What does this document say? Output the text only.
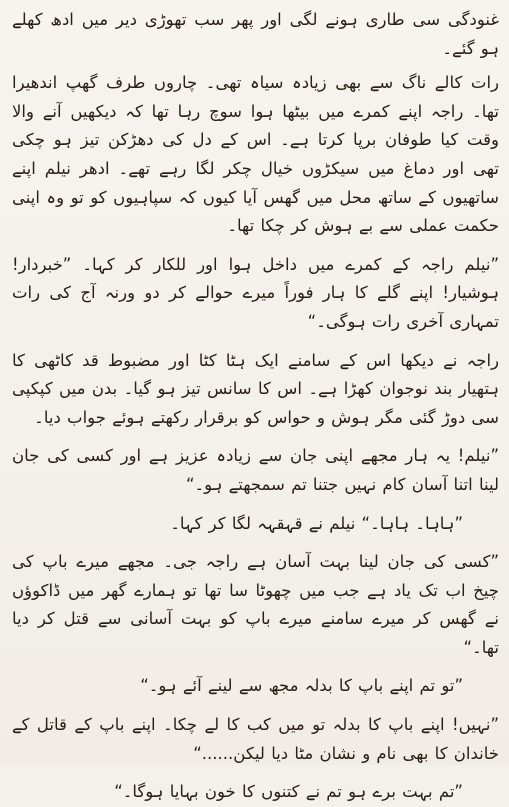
غنودگی سی طاری ہونے لگی اور پھر سب تھوڑی دیر میں ادھ کھلے ہو گئے۔

رات کالے ناگ سے بھی زیادہ سیاہ تھی۔ چاروں طرف گھپ اندھیرا تھا۔ راجہ اپنے کمرے میں بیٹھا ہوا سوچ رہا تھا کہ دیکھیں آنے والا وقت کیا طوفان برپا کرتا ہے۔ اس کے دل کی دھڑکن تیز ہو چکی تھی اور دماغ میں سیکڑوں خیال چکر لگا رہے تھے۔ ادھر نیلم اپنے ساتھیوں کے ساتھ محل میں گھس آیا کیوں کہ سپاہیوں کو تو وہ اپنی حکمت عملی سے بے ہوش کر چکا تھا۔

”نیلم راجہ کے کمرے میں داخل ہوا اور للکار کر کہا۔ ”خبردار! ہوشیار! اپنے گلے کا ہار فوراً میرے حوالے کر دو ورنہ آج کی رات تمہاری آخری رات ہوگی۔“

راجہ نے دیکھا اس کے سامنے ایک ہٹا کٹا اور مضبوط قد کاٹھی کا ہتھیار بند نوجوان کھڑا ہے۔ اس کا سانس تیز ہو گیا۔ بدن میں کپکپی سی دوڑ گئی مگر ہوش و حواس کو برقرار رکھتے ہوئے جواب دیا۔

”نیلم! یہ ہار مجھے اپنی جان سے زیادہ عزیز ہے اور کسی کی جان لینا اتنا آسان کام نہیں جتنا تم سمجھتے ہو۔“

”ہاہا۔ ہاہا۔“ نیلم نے قہقہہ لگا کر کہا۔

”کسی کی جان لینا بہت آسان ہے راجہ جی۔ مجھے میرے باپ کی چیخ اب تک یاد ہے جب میں چھوٹا سا تھا تو ہمارے گھر میں ڈاکوؤں نے گھس کر میرے سامنے میرے باپ کو بہت آسانی سے قتل کر دیا تھا۔“

”تو تم اپنے باپ کا بدلہ مجھ سے لینے آئے ہو۔“

”نہیں! اپنے باپ کا بدلہ تو میں کب کا لے چکا۔ اپنے باپ کے قاتل کے خاندان کا بھی نام و نشان مٹا دیا لیکن......“

”تم بہت برے ہو تم نے کتنوں کا خون بہایا ہوگا۔“
